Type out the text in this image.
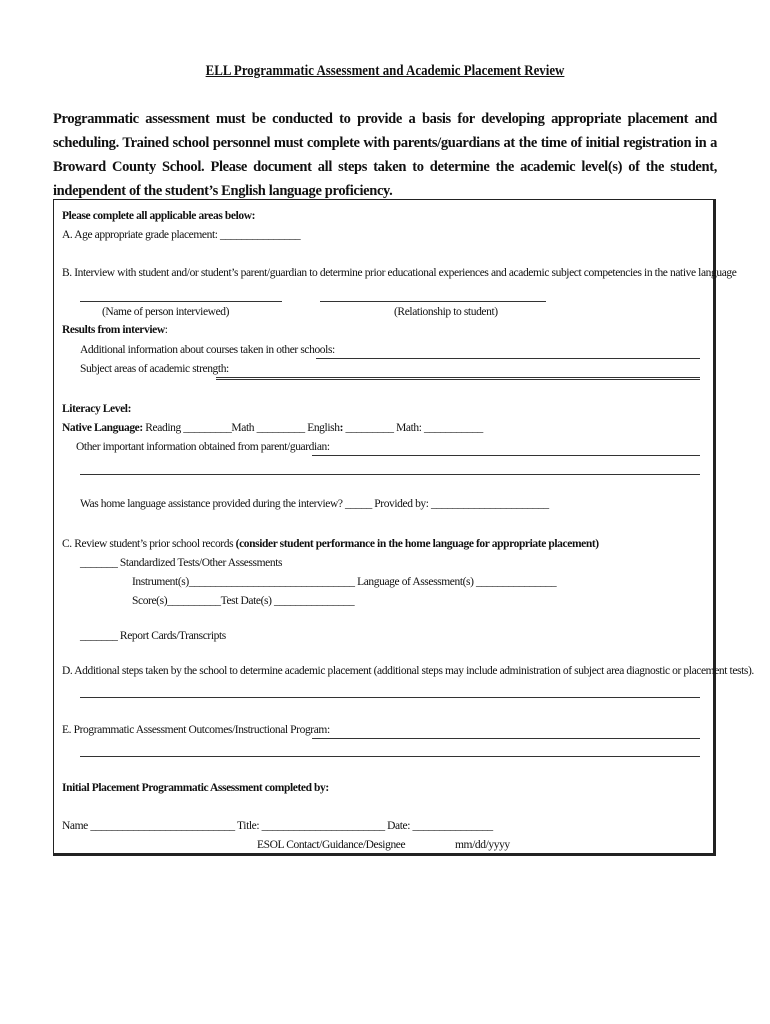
ELL Programmatic Assessment and Academic Placement Review
Programmatic assessment must be conducted to provide a basis for developing appropriate placement and scheduling. Trained school personnel must complete with parents/guardians at the time of initial registration in a Broward County School. Please document all steps taken to determine the academic level(s) of the student, independent of the student’s English language proficiency.
Please complete all applicable areas below:
A. Age appropriate grade placement: _______________
B. Interview with student and/or student’s parent/guardian to determine prior educational experiences and academic subject competencies in the native language
(Name of person interviewed)	(Relationship to student)
Results from interview:
Additional information about courses taken in other schools:
Subject areas of academic strength:
Literacy Level:
Native Language: Reading _________Math _________ English: _________ Math: ___________
Other important information obtained from parent/guardian:
Was home language assistance provided during the interview? _____ Provided by: ______________________
C. Review student’s prior school records (consider student performance in the home language for appropriate placement)
_______ Standardized Tests/Other Assessments
Instrument(s)_______________________________ Language of Assessment(s) _______________
Score(s)__________Test Date(s) _______________
_______ Report Cards/Transcripts
D. Additional steps taken by the school to determine academic placement (additional steps may include administration of subject area diagnostic or placement tests).
E. Programmatic Assessment Outcomes/Instructional Program:
Initial Placement Programmatic Assessment completed by:
Name ___________________________ Title: _______________________ Date: _______________
ESOL Contact/Guidance/Designee	mm/dd/yyyy
